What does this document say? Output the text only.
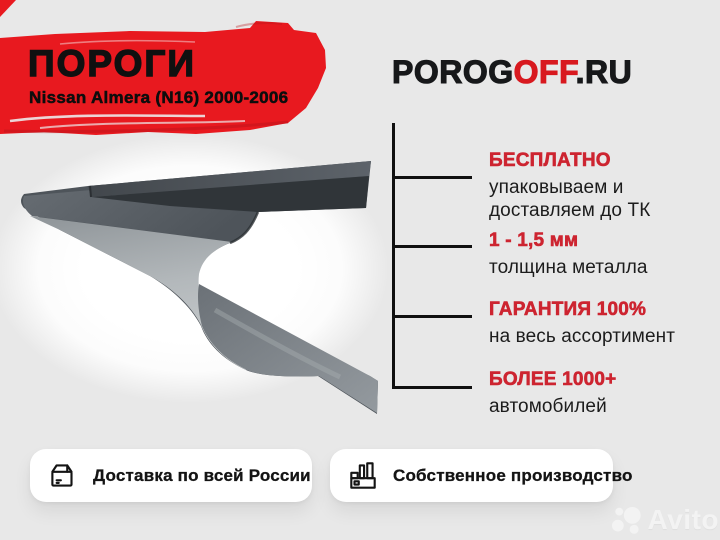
ПОРОГИ
Nissan Almera (N16) 2000-2006
POROGOFF.RU
БЕСПЛАТНО
упаковываем и
доставляем до ТК
1 - 1,5 мм
толщина металла
ГАРАНТИЯ 100%
на весь ассортимент
БОЛЕЕ 1000+
автомобилей
Доставка по всей России	Собственное производство
Avito
